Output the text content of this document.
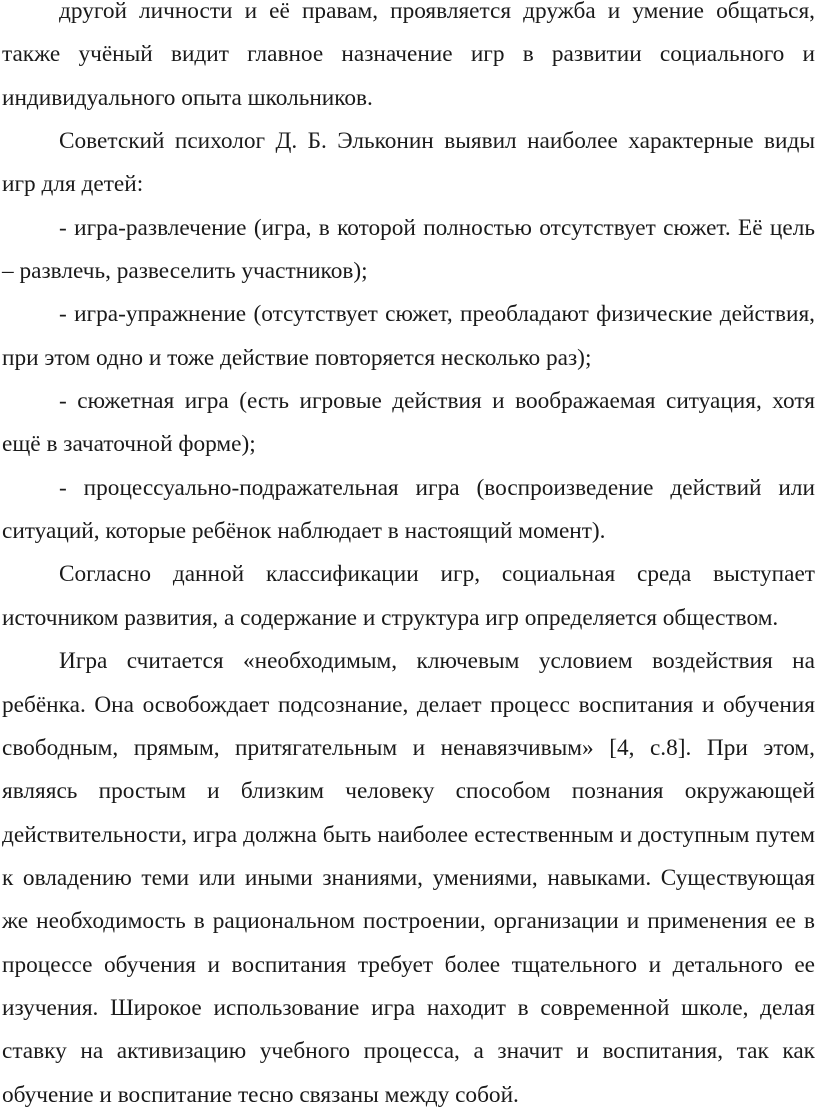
другой личности и её правам, проявляется дружба и умение общаться, также учёный видит главное назначение игр в развитии социального и индивидуального опыта школьников.

Советский психолог Д. Б. Эльконин выявил наиболее характерные виды игр для детей:

- игра-развлечение (игра, в которой полностью отсутствует сюжет. Её цель – развлечь, развеселить участников);

- игра-упражнение (отсутствует сюжет, преобладают физические действия, при этом одно и тоже действие повторяется несколько раз);

- сюжетная игра (есть игровые действия и воображаемая ситуация, хотя ещё в зачаточной форме);

- процессуально-подражательная игра (воспроизведение действий или ситуаций, которые ребёнок наблюдает в настоящий момент).

Согласно данной классификации игр, социальная среда выступает источником развития, а содержание и структура игр определяется обществом.

Игра считается «необходимым, ключевым условием воздействия на ребёнка. Она освобождает подсознание, делает процесс воспитания и обучения свободным, прямым, притягательным и ненавязчивым» [4, с.8]. При этом, являясь простым и близким человеку способом познания окружающей действительности, игра должна быть наиболее естественным и доступным путем к овладению теми или иными знаниями, умениями, навыками. Существующая же необходимость в рациональном построении, организации и применения ее в процессе обучения и воспитания требует более тщательного и детального ее изучения. Широкое использование игра находит в современной школе, делая ставку на активизацию учебного процесса, а значит и воспитания, так как обучение и воспитание тесно связаны между собой.
